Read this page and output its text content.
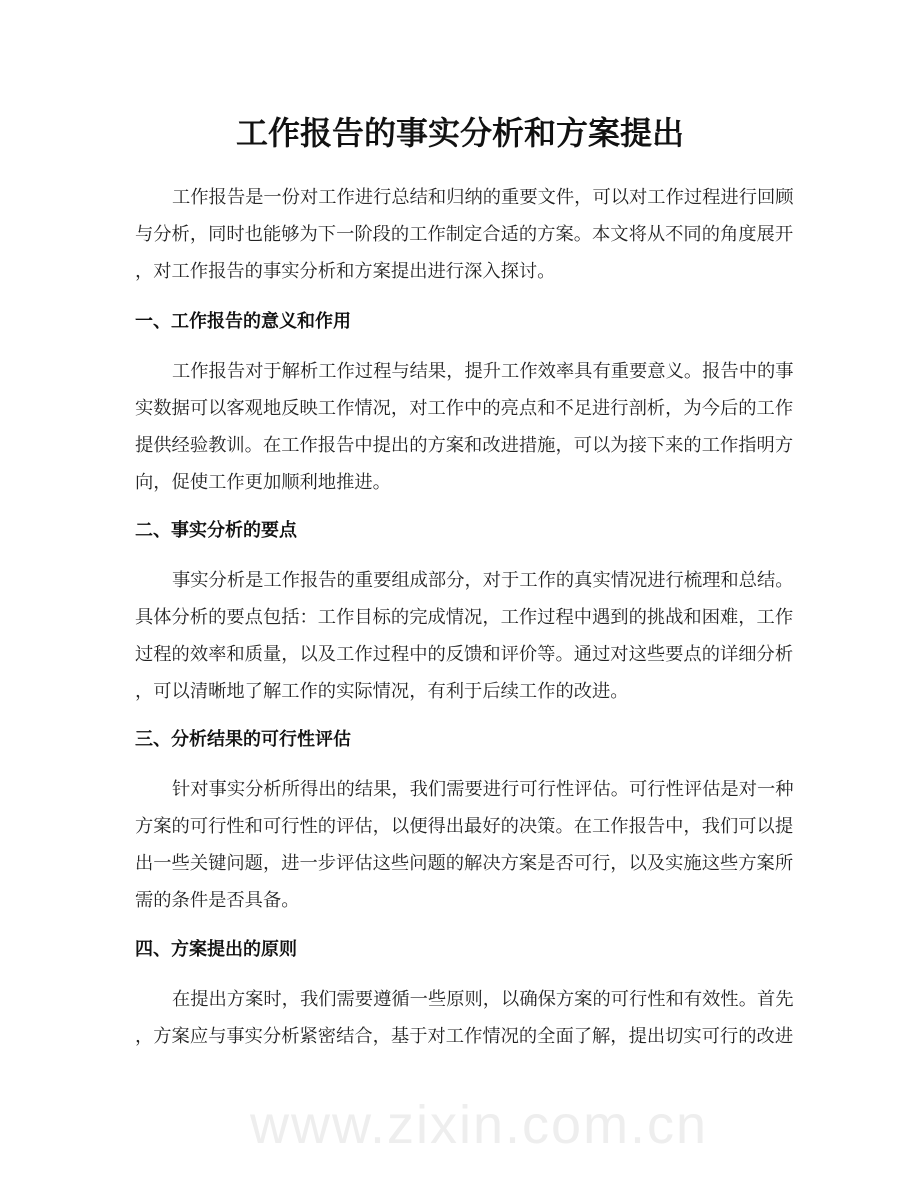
工作报告的事实分析和方案提出
工作报告是一份对工作进行总结和归纳的重要文件，可以对工作过程进行回顾
与分析，同时也能够为下一阶段的工作制定合适的方案。本文将从不同的角度展开
，对工作报告的事实分析和方案提出进行深入探讨。
一、工作报告的意义和作用
工作报告对于解析工作过程与结果，提升工作效率具有重要意义。报告中的事
实数据可以客观地反映工作情况，对工作中的亮点和不足进行剖析，为今后的工作
提供经验教训。在工作报告中提出的方案和改进措施，可以为接下来的工作指明方
向，促使工作更加顺利地推进。
二、事实分析的要点
事实分析是工作报告的重要组成部分，对于工作的真实情况进行梳理和总结。
具体分析的要点包括：工作目标的完成情况，工作过程中遇到的挑战和困难，工作
过程的效率和质量，以及工作过程中的反馈和评价等。通过对这些要点的详细分析
，可以清晰地了解工作的实际情况，有利于后续工作的改进。
三、分析结果的可行性评估
针对事实分析所得出的结果，我们需要进行可行性评估。可行性评估是对一种
方案的可行性和可行性的评估，以便得出最好的决策。在工作报告中，我们可以提
出一些关键问题，进一步评估这些问题的解决方案是否可行，以及实施这些方案所
需的条件是否具备。
四、方案提出的原则
在提出方案时，我们需要遵循一些原则，以确保方案的可行性和有效性。首先
，方案应与事实分析紧密结合，基于对工作情况的全面了解，提出切实可行的改进
www.zixin.com.cn
